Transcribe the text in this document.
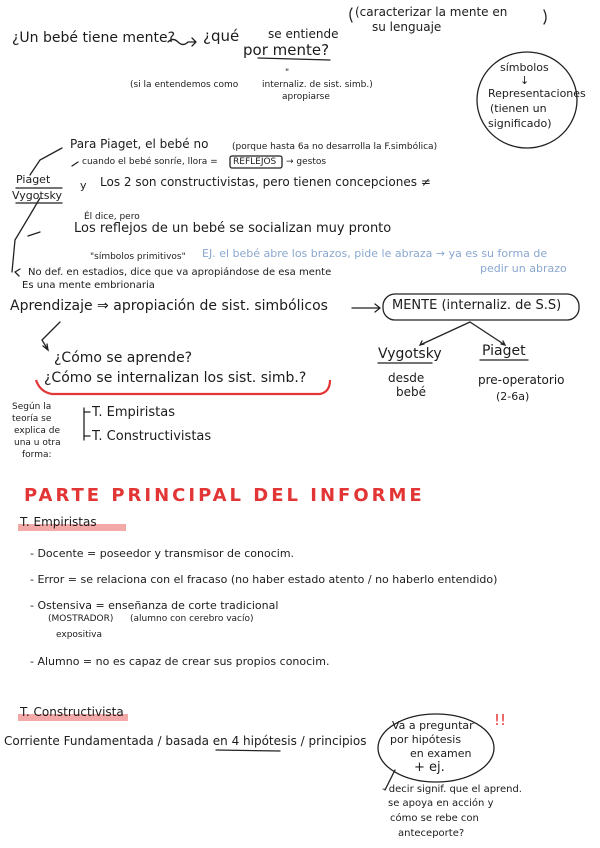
¿Un bebé tiene mente? ¿qué se entiende
por mente?
(caracterizar la mente en
su lenguaje
(si la entendemos como	internaliz. de sist. simb.)
"
apropiarse
símbolos
↓
Representaciones
(tienen un
significado)
Para Piaget, el bebé no	(porque hasta 6a no desarrolla la F.simbólica)
cuando el bebé sonríe, llora = REFLEJOS → gestos
Piaget	y
Vygotsky
Los 2 son constructivistas, pero tienen concepciones ≠
Él dice, pero
Los reflejos de un bebé se socializan muy pronto
"símbolos primitivos" EJ. el bebé abre los brazos, pide le abraza → ya es su forma de
pedir un abrazo
No def. en estadios, dice que va apropiándose de esa mente
Es una mente embrionaria
Aprendizaje ⇒ apropiación de sist. simbólicos	MENTE (internaliz. de S.S)
Vygotsky
desde
bebé
Piaget
pre-operatorio
(2-6a)
¿Cómo se aprende?
¿Cómo se internalizan los sist. simb.?
Según la
teoría se
explica de
una u otra
forma:
T. Empiristas
T. Constructivistas
PARTE PRINCIPAL DEL INFORME
T. Empiristas
- Docente = poseedor y transmisor de conocim.
- Error = se relaciona con el fracaso (no haber estado atento / no haberlo entendido)
- Ostensiva = enseñanza de corte tradicional
(MOSTRADOR) (alumno con cerebro vacío)
expositiva
- Alumno = no es capaz de crear sus propios conocim.
T. Constructivista
Corriente Fundamentada / basada en 4 hipótesis / principios
Va a preguntar
por hipótesis
en examen
+ ej.
!!
- decir signif. que el aprend.
se apoya en acción y
cómo se rebe con
anteceporte?
